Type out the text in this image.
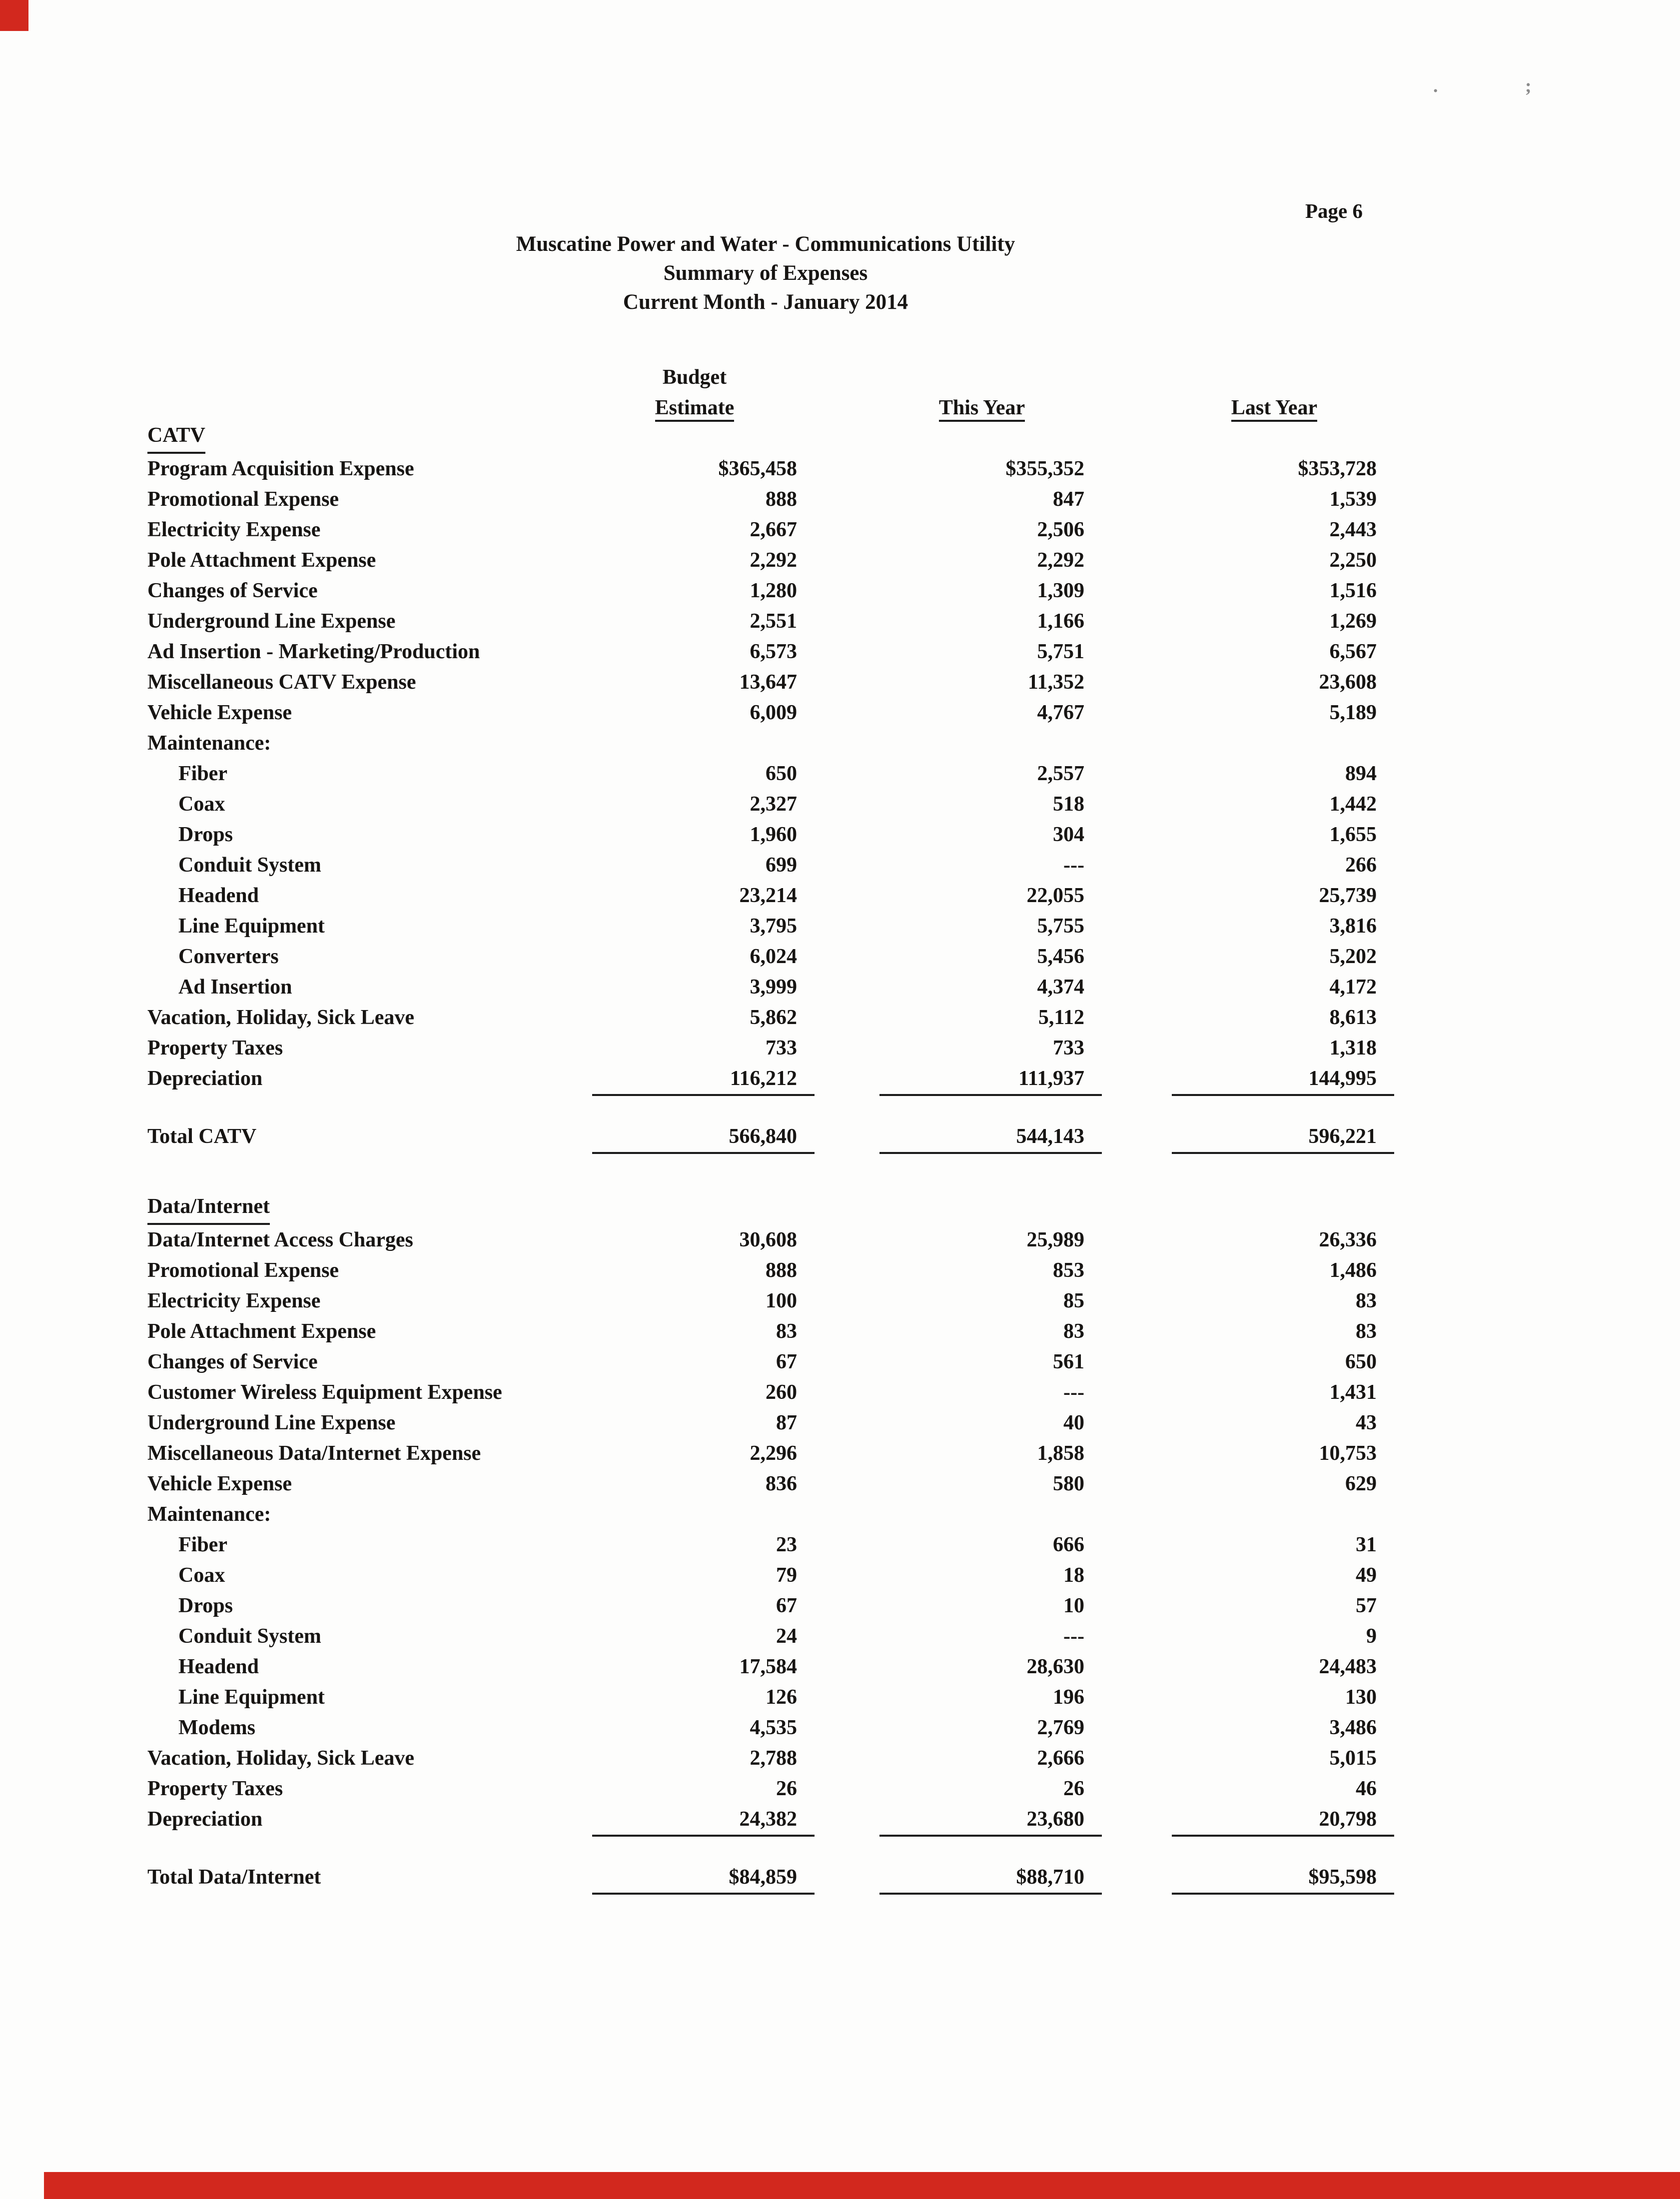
.	;
Page 6
Muscatine Power and Water - Communications Utility
Summary of Expenses
Current Month - January 2014
Budget
Estimate	This Year	Last Year
CATV
Program Acquisition Expense	$365,458	$355,352	$353,728
Promotional Expense	888	847	1,539
Electricity Expense	2,667	2,506	2,443
Pole Attachment Expense	2,292	2,292	2,250
Changes of Service	1,280	1,309	1,516
Underground Line Expense	2,551	1,166	1,269
Ad Insertion - Marketing/Production	6,573	5,751	6,567
Miscellaneous CATV Expense	13,647	11,352	23,608
Vehicle Expense	6,009	4,767	5,189
Maintenance:
Fiber	650	2,557	894
Coax	2,327	518	1,442
Drops	1,960	304	1,655
Conduit System	699	---	266
Headend	23,214	22,055	25,739
Line Equipment	3,795	5,755	3,816
Converters	6,024	5,456	5,202
Ad Insertion	3,999	4,374	4,172
Vacation, Holiday, Sick Leave	5,862	5,112	8,613
Property Taxes	733	733	1,318
Depreciation	116,212	111,937	144,995
Total CATV	566,840	544,143	596,221
Data/Internet
Data/Internet Access Charges	30,608	25,989	26,336
Promotional Expense	888	853	1,486
Electricity Expense	100	85	83
Pole Attachment Expense	83	83	83
Changes of Service	67	561	650
Customer Wireless Equipment Expense	260	---	1,431
Underground Line Expense	87	40	43
Miscellaneous Data/Internet Expense	2,296	1,858	10,753
Vehicle Expense	836	580	629
Maintenance:
Fiber	23	666	31
Coax	79	18	49
Drops	67	10	57
Conduit System	24	---	9
Headend	17,584	28,630	24,483
Line Equipment	126	196	130
Modems	4,535	2,769	3,486
Vacation, Holiday, Sick Leave	2,788	2,666	5,015
Property Taxes	26	26	46
Depreciation	24,382	23,680	20,798
Total Data/Internet	$84,859	$88,710	$95,598
